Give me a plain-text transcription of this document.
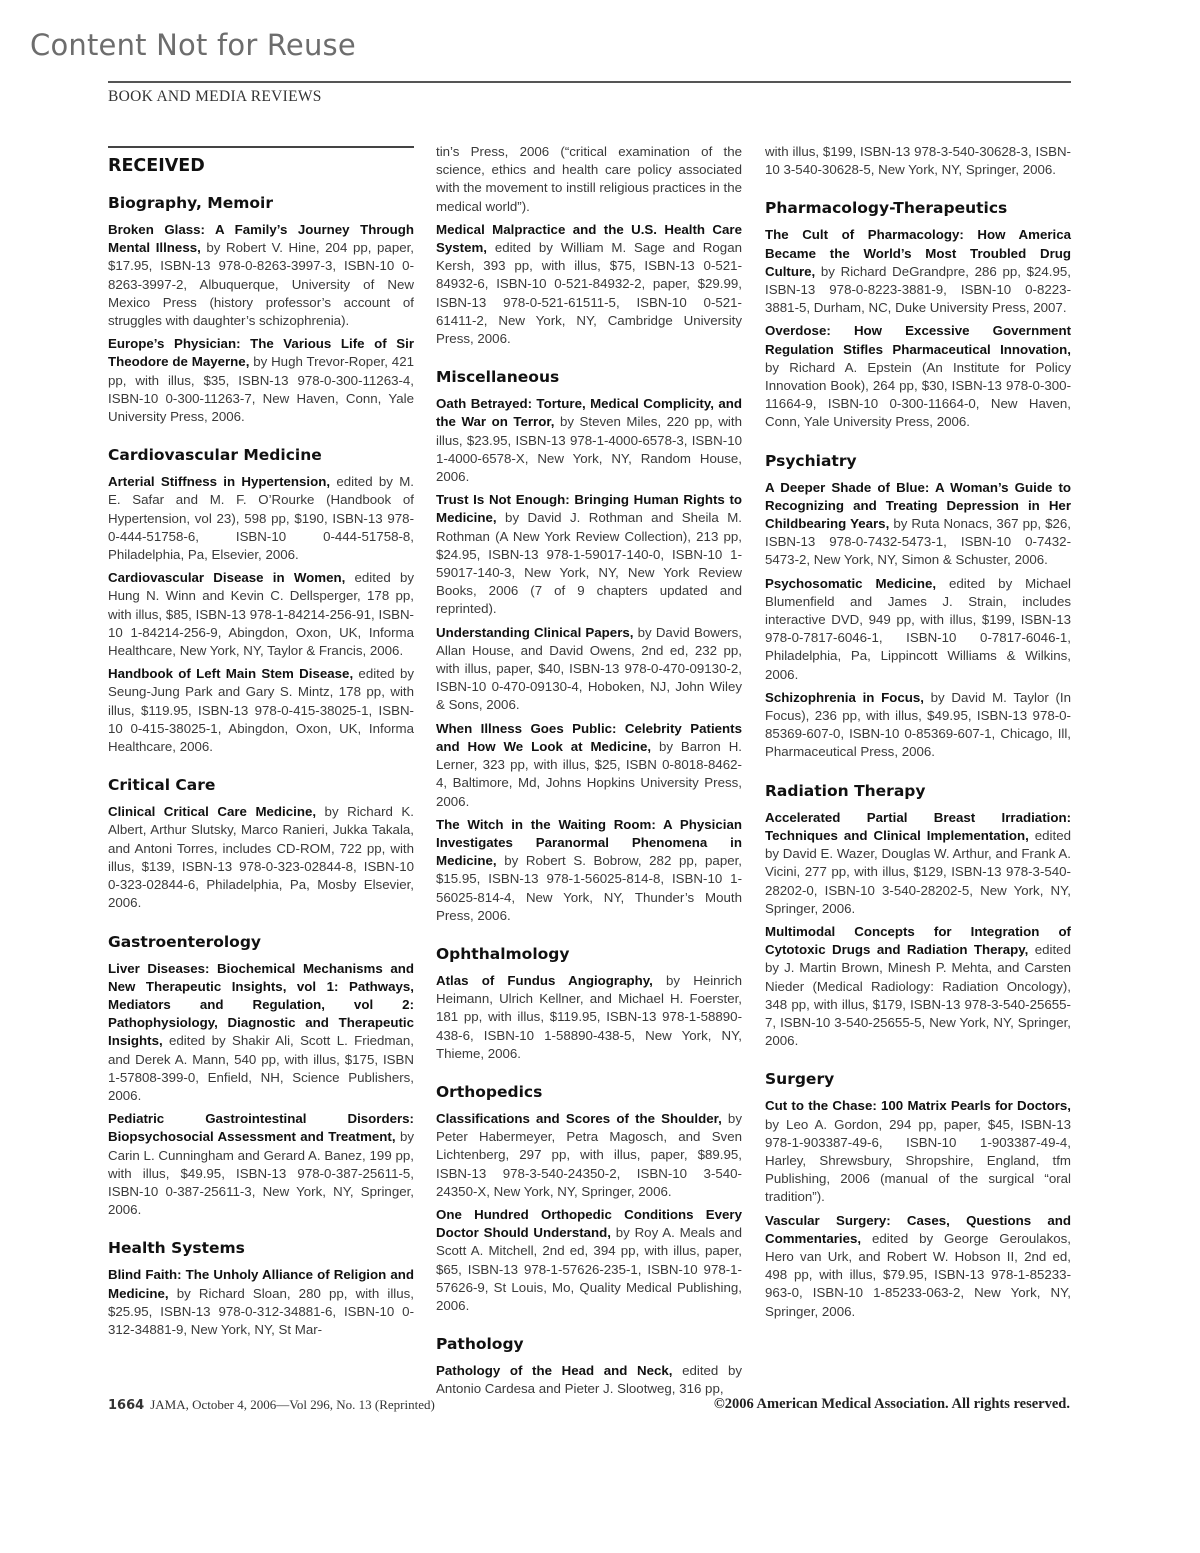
Content Not for Reuse
BOOK AND MEDIA REVIEWS
RECEIVED
Biography, Memoir

Broken Glass: A Family’s Journey Through Mental Illness, by Robert V. Hine, 204 pp, paper, $17.95, ISBN-13 978-0-8263-3997-3, ISBN-10 0-8263-3997-2, Albuquerque, University of New Mexico Press (history professor’s account of struggles with daughter’s schizophrenia).

Europe’s Physician: The Various Life of Sir Theodore de Mayerne, by Hugh Trevor-Roper, 421 pp, with illus, $35, ISBN-13 978-0-300-11263-4, ISBN-10 0-300-11263-7, New Haven, Conn, Yale University Press, 2006.

Cardiovascular Medicine

Arterial Stiffness in Hypertension, edited by M. E. Safar and M. F. O’Rourke (Handbook of Hypertension, vol 23), 598 pp, $190, ISBN-13 978-0-444-51758-6, ISBN-10 0-444-51758-8, Philadelphia, Pa, Elsevier, 2006.

Cardiovascular Disease in Women, edited by Hung N. Winn and Kevin C. Dellsperger, 178 pp, with illus, $85, ISBN-13 978-1-84214-256-91, ISBN-10 1-84214-256-9, Abingdon, Oxon, UK, Informa Healthcare, New York, NY, Taylor & Francis, 2006.

Handbook of Left Main Stem Disease, edited by Seung-Jung Park and Gary S. Mintz, 178 pp, with illus, $119.95, ISBN-13 978-0-415-38025-1, ISBN-10 0-415-38025-1, Abingdon, Oxon, UK, Informa Healthcare, 2006.

Critical Care

Clinical Critical Care Medicine, by Richard K. Albert, Arthur Slutsky, Marco Ranieri, Jukka Takala, and Antoni Torres, includes CD-ROM, 722 pp, with illus, $139, ISBN-13 978-0-323-02844-8, ISBN-10 0-323-02844-6, Philadelphia, Pa, Mosby Elsevier, 2006.

Gastroenterology

Liver Diseases: Biochemical Mechanisms and New Therapeutic Insights, vol 1: Pathways, Mediators and Regulation, vol 2: Pathophysiology, Diagnostic and Therapeutic Insights, edited by Shakir Ali, Scott L. Friedman, and Derek A. Mann, 540 pp, with illus, $175, ISBN 1-57808-399-0, Enfield, NH, Science Publishers, 2006.

Pediatric Gastrointestinal Disorders: Biopsychosocial Assessment and Treatment, by Carin L. Cunningham and Gerard A. Banez, 199 pp, with illus, $49.95, ISBN-13 978-0-387-25611-5, ISBN-10 0-387-25611-3, New York, NY, Springer, 2006.

Health Systems

Blind Faith: The Unholy Alliance of Religion and Medicine, by Richard Sloan, 280 pp, with illus, $25.95, ISBN-13 978-0-312-34881-6, ISBN-10 0-312-34881-9, New York, NY, St Mar-

tin’s Press, 2006 (“critical examination of the science, ethics and health care policy associated with the movement to instill religious practices in the medical world”).

Medical Malpractice and the U.S. Health Care System, edited by William M. Sage and Rogan Kersh, 393 pp, with illus, $75, ISBN-13 0-521-84932-6, ISBN-10 0-521-84932-2, paper, $29.99, ISBN-13 978-0-521-61511-5, ISBN-10 0-521-61411-2, New York, NY, Cambridge University Press, 2006.

Miscellaneous

Oath Betrayed: Torture, Medical Complicity, and the War on Terror, by Steven Miles, 220 pp, with illus, $23.95, ISBN-13 978-1-4000-6578-3, ISBN-10 1-4000-6578-X, New York, NY, Random House, 2006.

Trust Is Not Enough: Bringing Human Rights to Medicine, by David J. Rothman and Sheila M. Rothman (A New York Review Collection), 213 pp, $24.95, ISBN-13 978-1-59017-140-0, ISBN-10 1-59017-140-3, New York, NY, New York Review Books, 2006 (7 of 9 chapters updated and reprinted).

Understanding Clinical Papers, by David Bowers, Allan House, and David Owens, 2nd ed, 232 pp, with illus, paper, $40, ISBN-13 978-0-470-09130-2, ISBN-10 0-470-09130-4, Hoboken, NJ, John Wiley & Sons, 2006.

When Illness Goes Public: Celebrity Patients and How We Look at Medicine, by Barron H. Lerner, 323 pp, with illus, $25, ISBN 0-8018-8462-4, Baltimore, Md, Johns Hopkins University Press, 2006.

The Witch in the Waiting Room: A Physician Investigates Paranormal Phenomena in Medicine, by Robert S. Bobrow, 282 pp, paper, $15.95, ISBN-13 978-1-56025-814-8, ISBN-10 1-56025-814-4, New York, NY, Thunder’s Mouth Press, 2006.

Ophthalmology

Atlas of Fundus Angiography, by Heinrich Heimann, Ulrich Kellner, and Michael H. Foerster, 181 pp, with illus, $119.95, ISBN-13 978-1-58890-438-6, ISBN-10 1-58890-438-5, New York, NY, Thieme, 2006.

Orthopedics

Classifications and Scores of the Shoulder, by Peter Habermeyer, Petra Magosch, and Sven Lichtenberg, 297 pp, with illus, paper, $89.95, ISBN-13 978-3-540-24350-2, ISBN-10 3-540-24350-X, New York, NY, Springer, 2006.

One Hundred Orthopedic Conditions Every Doctor Should Understand, by Roy A. Meals and Scott A. Mitchell, 2nd ed, 394 pp, with illus, paper, $65, ISBN-13 978-1-57626-235-1, ISBN-10 978-1-57626-9, St Louis, Mo, Quality Medical Publishing, 2006.

Pathology

Pathology of the Head and Neck, edited by Antonio Cardesa and Pieter J. Slootweg, 316 pp,

with illus, $199, ISBN-13 978-3-540-30628-3, ISBN-10 3-540-30628-5, New York, NY, Springer, 2006.

Pharmacology-Therapeutics

The Cult of Pharmacology: How America Became the World’s Most Troubled Drug Culture, by Richard DeGrandpre, 286 pp, $24.95, ISBN-13 978-0-8223-3881-9, ISBN-10 0-8223-3881-5, Durham, NC, Duke University Press, 2007.

Overdose: How Excessive Government Regulation Stifles Pharmaceutical Innovation, by Richard A. Epstein (An Institute for Policy Innovation Book), 264 pp, $30, ISBN-13 978-0-300-11664-9, ISBN-10 0-300-11664-0, New Haven, Conn, Yale University Press, 2006.

Psychiatry

A Deeper Shade of Blue: A Woman’s Guide to Recognizing and Treating Depression in Her Childbearing Years, by Ruta Nonacs, 367 pp, $26, ISBN-13 978-0-7432-5473-1, ISBN-10 0-7432-5473-2, New York, NY, Simon & Schuster, 2006.

Psychosomatic Medicine, edited by Michael Blumenfield and James J. Strain, includes interactive DVD, 949 pp, with illus, $199, ISBN-13 978-0-7817-6046-1, ISBN-10 0-7817-6046-1, Philadelphia, Pa, Lippincott Williams & Wilkins, 2006.

Schizophrenia in Focus, by David M. Taylor (In Focus), 236 pp, with illus, $49.95, ISBN-13 978-0-85369-607-0, ISBN-10 0-85369-607-1, Chicago, Ill, Pharmaceutical Press, 2006.

Radiation Therapy

Accelerated Partial Breast Irradiation: Techniques and Clinical Implementation, edited by David E. Wazer, Douglas W. Arthur, and Frank A. Vicini, 277 pp, with illus, $129, ISBN-13 978-3-540-28202-0, ISBN-10 3-540-28202-5, New York, NY, Springer, 2006.

Multimodal Concepts for Integration of Cytotoxic Drugs and Radiation Therapy, edited by J. Martin Brown, Minesh P. Mehta, and Carsten Nieder (Medical Radiology: Radiation Oncology), 348 pp, with illus, $179, ISBN-13 978-3-540-25655-7, ISBN-10 3-540-25655-5, New York, NY, Springer, 2006.

Surgery

Cut to the Chase: 100 Matrix Pearls for Doctors, by Leo A. Gordon, 294 pp, paper, $45, ISBN-13 978-1-903387-49-6, ISBN-10 1-903387-49-4, Harley, Shrewsbury, Shropshire, England, tfm Publishing, 2006 (manual of the surgical “oral tradition”).

Vascular Surgery: Cases, Questions and Commentaries, edited by George Geroulakos, Hero van Urk, and Robert W. Hobson II, 2nd ed, 498 pp, with illus, $79.95, ISBN-13 978-1-85233-963-0, ISBN-10 1-85233-063-2, New York, NY, Springer, 2006.

1664 JAMA, October 4, 2006—Vol 296, No. 13 (Reprinted)	©2006 American Medical Association. All rights reserved.
